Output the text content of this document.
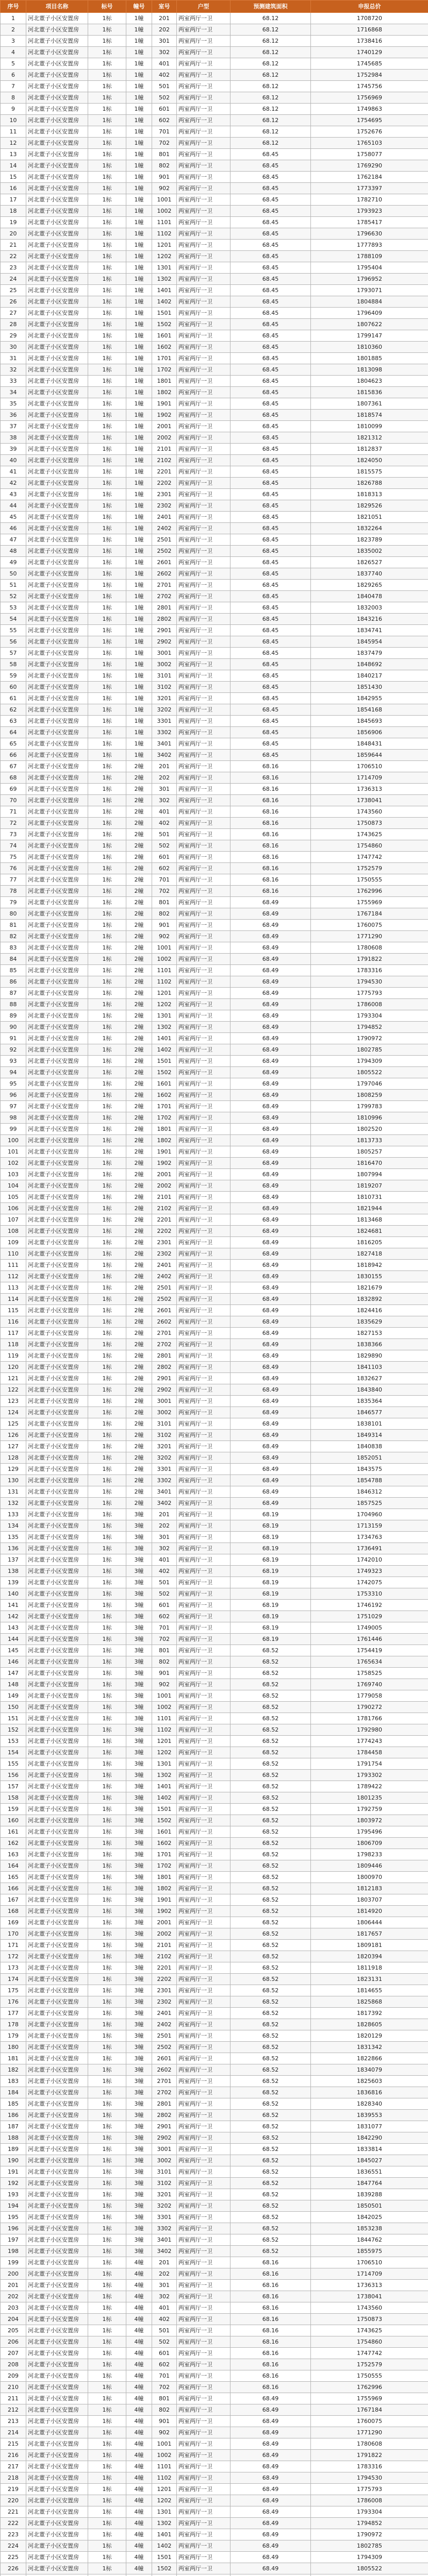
序号	项目名称	标号	幢号	室号	户型	预测建筑面积	申报总价
1	河北董子小区安置房	1标	1幢	201	两室两厅一卫	68.12	1708720
2	河北董子小区安置房	1标	1幢	202	两室两厅一卫	68.12	1716868
3	河北董子小区安置房	1标	1幢	301	两室两厅一卫	68.12	1738416
4	河北董子小区安置房	1标	1幢	302	两室两厅一卫	68.12	1740129
5	河北董子小区安置房	1标	1幢	401	两室两厅一卫	68.12	1745685
6	河北董子小区安置房	1标	1幢	402	两室两厅一卫	68.12	1752984
7	河北董子小区安置房	1标	1幢	501	两室两厅一卫	68.12	1745756
8	河北董子小区安置房	1标	1幢	502	两室两厅一卫	68.12	1756969
9	河北董子小区安置房	1标	1幢	601	两室两厅一卫	68.12	1749863
10	河北董子小区安置房	1标	1幢	602	两室两厅一卫	68.12	1754695
11	河北董子小区安置房	1标	1幢	701	两室两厅一卫	68.12	1752676
12	河北董子小区安置房	1标	1幢	702	两室两厅一卫	68.12	1765103
13	河北董子小区安置房	1标	1幢	801	两室两厅一卫	68.45	1758077
14	河北董子小区安置房	1标	1幢	802	两室两厅一卫	68.45	1769290
15	河北董子小区安置房	1标	1幢	901	两室两厅一卫	68.45	1762184
16	河北董子小区安置房	1标	1幢	902	两室两厅一卫	68.45	1773397
17	河北董子小区安置房	1标	1幢	1001	两室两厅一卫	68.45	1782710
18	河北董子小区安置房	1标	1幢	1002	两室两厅一卫	68.45	1793923
19	河北董子小区安置房	1标	1幢	1101	两室两厅一卫	68.45	1785417
20	河北董子小区安置房	1标	1幢	1102	两室两厅一卫	68.45	1796630
21	河北董子小区安置房	1标	1幢	1201	两室两厅一卫	68.45	1777893
22	河北董子小区安置房	1标	1幢	1202	两室两厅一卫	68.45	1788109
23	河北董子小区安置房	1标	1幢	1301	两室两厅一卫	68.45	1795404
24	河北董子小区安置房	1标	1幢	1302	两室两厅一卫	68.45	1796952
25	河北董子小区安置房	1标	1幢	1401	两室两厅一卫	68.45	1793071
26	河北董子小区安置房	1标	1幢	1402	两室两厅一卫	68.45	1804884
27	河北董子小区安置房	1标	1幢	1501	两室两厅一卫	68.45	1796409
28	河北董子小区安置房	1标	1幢	1502	两室两厅一卫	68.45	1807622
29	河北董子小区安置房	1标	1幢	1601	两室两厅一卫	68.45	1799147
30	河北董子小区安置房	1标	1幢	1602	两室两厅一卫	68.45	1810360
31	河北董子小区安置房	1标	1幢	1701	两室两厅一卫	68.45	1801885
32	河北董子小区安置房	1标	1幢	1702	两室两厅一卫	68.45	1813098
33	河北董子小区安置房	1标	1幢	1801	两室两厅一卫	68.45	1804623
34	河北董子小区安置房	1标	1幢	1802	两室两厅一卫	68.45	1815836
35	河北董子小区安置房	1标	1幢	1901	两室两厅一卫	68.45	1807361
36	河北董子小区安置房	1标	1幢	1902	两室两厅一卫	68.45	1818574
37	河北董子小区安置房	1标	1幢	2001	两室两厅一卫	68.45	1810099
38	河北董子小区安置房	1标	1幢	2002	两室两厅一卫	68.45	1821312
39	河北董子小区安置房	1标	1幢	2101	两室两厅一卫	68.45	1812837
40	河北董子小区安置房	1标	1幢	2102	两室两厅一卫	68.45	1824050
41	河北董子小区安置房	1标	1幢	2201	两室两厅一卫	68.45	1815575
42	河北董子小区安置房	1标	1幢	2202	两室两厅一卫	68.45	1826788
43	河北董子小区安置房	1标	1幢	2301	两室两厅一卫	68.45	1818313
44	河北董子小区安置房	1标	1幢	2302	两室两厅一卫	68.45	1829526
45	河北董子小区安置房	1标	1幢	2401	两室两厅一卫	68.45	1821051
46	河北董子小区安置房	1标	1幢	2402	两室两厅一卫	68.45	1832264
47	河北董子小区安置房	1标	1幢	2501	两室两厅一卫	68.45	1823789
48	河北董子小区安置房	1标	1幢	2502	两室两厅一卫	68.45	1835002
49	河北董子小区安置房	1标	1幢	2601	两室两厅一卫	68.45	1826527
50	河北董子小区安置房	1标	1幢	2602	两室两厅一卫	68.45	1837740
51	河北董子小区安置房	1标	1幢	2701	两室两厅一卫	68.45	1829265
52	河北董子小区安置房	1标	1幢	2702	两室两厅一卫	68.45	1840478
53	河北董子小区安置房	1标	1幢	2801	两室两厅一卫	68.45	1832003
54	河北董子小区安置房	1标	1幢	2802	两室两厅一卫	68.45	1843216
55	河北董子小区安置房	1标	1幢	2901	两室两厅一卫	68.45	1834741
56	河北董子小区安置房	1标	1幢	2902	两室两厅一卫	68.45	1845954
57	河北董子小区安置房	1标	1幢	3001	两室两厅一卫	68.45	1837479
58	河北董子小区安置房	1标	1幢	3002	两室两厅一卫	68.45	1848692
59	河北董子小区安置房	1标	1幢	3101	两室两厅一卫	68.45	1840217
60	河北董子小区安置房	1标	1幢	3102	两室两厅一卫	68.45	1851430
61	河北董子小区安置房	1标	1幢	3201	两室两厅一卫	68.45	1842955
62	河北董子小区安置房	1标	1幢	3202	两室两厅一卫	68.45	1854168
63	河北董子小区安置房	1标	1幢	3301	两室两厅一卫	68.45	1845693
64	河北董子小区安置房	1标	1幢	3302	两室两厅一卫	68.45	1856906
65	河北董子小区安置房	1标	1幢	3401	两室两厅一卫	68.45	1848431
66	河北董子小区安置房	1标	1幢	3402	两室两厅一卫	68.45	1859644
67	河北董子小区安置房	1标	2幢	201	两室两厅一卫	68.16	1706510
68	河北董子小区安置房	1标	2幢	202	两室两厅一卫	68.16	1714709
69	河北董子小区安置房	1标	2幢	301	两室两厅一卫	68.16	1736313
70	河北董子小区安置房	1标	2幢	302	两室两厅一卫	68.16	1738041
71	河北董子小区安置房	1标	2幢	401	两室两厅一卫	68.16	1743560
72	河北董子小区安置房	1标	2幢	402	两室两厅一卫	68.16	1750873
73	河北董子小区安置房	1标	2幢	501	两室两厅一卫	68.16	1743625
74	河北董子小区安置房	1标	2幢	502	两室两厅一卫	68.16	1754860
75	河北董子小区安置房	1标	2幢	601	两室两厅一卫	68.16	1747742
76	河北董子小区安置房	1标	2幢	602	两室两厅一卫	68.16	1752579
77	河北董子小区安置房	1标	2幢	701	两室两厅一卫	68.16	1750555
78	河北董子小区安置房	1标	2幢	702	两室两厅一卫	68.16	1762996
79	河北董子小区安置房	1标	2幢	801	两室两厅一卫	68.49	1755969
80	河北董子小区安置房	1标	2幢	802	两室两厅一卫	68.49	1767184
81	河北董子小区安置房	1标	2幢	901	两室两厅一卫	68.49	1760075
82	河北董子小区安置房	1标	2幢	902	两室两厅一卫	68.49	1771290
83	河北董子小区安置房	1标	2幢	1001	两室两厅一卫	68.49	1780608
84	河北董子小区安置房	1标	2幢	1002	两室两厅一卫	68.49	1791822
85	河北董子小区安置房	1标	2幢	1101	两室两厅一卫	68.49	1783316
86	河北董子小区安置房	1标	2幢	1102	两室两厅一卫	68.49	1794530
87	河北董子小区安置房	1标	2幢	1201	两室两厅一卫	68.49	1775793
88	河北董子小区安置房	1标	2幢	1202	两室两厅一卫	68.49	1786008
89	河北董子小区安置房	1标	2幢	1301	两室两厅一卫	68.49	1793304
90	河北董子小区安置房	1标	2幢	1302	两室两厅一卫	68.49	1794852
91	河北董子小区安置房	1标	2幢	1401	两室两厅一卫	68.49	1790972
92	河北董子小区安置房	1标	2幢	1402	两室两厅一卫	68.49	1802785
93	河北董子小区安置房	1标	2幢	1501	两室两厅一卫	68.49	1794309
94	河北董子小区安置房	1标	2幢	1502	两室两厅一卫	68.49	1805522
95	河北董子小区安置房	1标	2幢	1601	两室两厅一卫	68.49	1797046
96	河北董子小区安置房	1标	2幢	1602	两室两厅一卫	68.49	1808259
97	河北董子小区安置房	1标	2幢	1701	两室两厅一卫	68.49	1799783
98	河北董子小区安置房	1标	2幢	1702	两室两厅一卫	68.49	1810996
99	河北董子小区安置房	1标	2幢	1801	两室两厅一卫	68.49	1802520
100	河北董子小区安置房	1标	2幢	1802	两室两厅一卫	68.49	1813733
101	河北董子小区安置房	1标	2幢	1901	两室两厅一卫	68.49	1805257
102	河北董子小区安置房	1标	2幢	1902	两室两厅一卫	68.49	1816470
103	河北董子小区安置房	1标	2幢	2001	两室两厅一卫	68.49	1807994
104	河北董子小区安置房	1标	2幢	2002	两室两厅一卫	68.49	1819207
105	河北董子小区安置房	1标	2幢	2101	两室两厅一卫	68.49	1810731
106	河北董子小区安置房	1标	2幢	2102	两室两厅一卫	68.49	1821944
107	河北董子小区安置房	1标	2幢	2201	两室两厅一卫	68.49	1813468
108	河北董子小区安置房	1标	2幢	2202	两室两厅一卫	68.49	1824681
109	河北董子小区安置房	1标	2幢	2301	两室两厅一卫	68.49	1816205
110	河北董子小区安置房	1标	2幢	2302	两室两厅一卫	68.49	1827418
111	河北董子小区安置房	1标	2幢	2401	两室两厅一卫	68.49	1818942
112	河北董子小区安置房	1标	2幢	2402	两室两厅一卫	68.49	1830155
113	河北董子小区安置房	1标	2幢	2501	两室两厅一卫	68.49	1821679
114	河北董子小区安置房	1标	2幢	2502	两室两厅一卫	68.49	1832892
115	河北董子小区安置房	1标	2幢	2601	两室两厅一卫	68.49	1824416
116	河北董子小区安置房	1标	2幢	2602	两室两厅一卫	68.49	1835629
117	河北董子小区安置房	1标	2幢	2701	两室两厅一卫	68.49	1827153
118	河北董子小区安置房	1标	2幢	2702	两室两厅一卫	68.49	1838366
119	河北董子小区安置房	1标	2幢	2801	两室两厅一卫	68.49	1829890
120	河北董子小区安置房	1标	2幢	2802	两室两厅一卫	68.49	1841103
121	河北董子小区安置房	1标	2幢	2901	两室两厅一卫	68.49	1832627
122	河北董子小区安置房	1标	2幢	2902	两室两厅一卫	68.49	1843840
123	河北董子小区安置房	1标	2幢	3001	两室两厅一卫	68.49	1835364
124	河北董子小区安置房	1标	2幢	3002	两室两厅一卫	68.49	1846577
125	河北董子小区安置房	1标	2幢	3101	两室两厅一卫	68.49	1838101
126	河北董子小区安置房	1标	2幢	3102	两室两厅一卫	68.49	1849314
127	河北董子小区安置房	1标	2幢	3201	两室两厅一卫	68.49	1840838
128	河北董子小区安置房	1标	2幢	3202	两室两厅一卫	68.49	1852051
129	河北董子小区安置房	1标	2幢	3301	两室两厅一卫	68.49	1843575
130	河北董子小区安置房	1标	2幢	3302	两室两厅一卫	68.49	1854788
131	河北董子小区安置房	1标	2幢	3401	两室两厅一卫	68.49	1846312
132	河北董子小区安置房	1标	2幢	3402	两室两厅一卫	68.49	1857525
133	河北董子小区安置房	1标	3幢	201	两室两厅一卫	68.19	1704960
134	河北董子小区安置房	1标	3幢	202	两室两厅一卫	68.19	1713159
135	河北董子小区安置房	1标	3幢	301	两室两厅一卫	68.19	1734763
136	河北董子小区安置房	1标	3幢	302	两室两厅一卫	68.19	1736491
137	河北董子小区安置房	1标	3幢	401	两室两厅一卫	68.19	1742010
138	河北董子小区安置房	1标	3幢	402	两室两厅一卫	68.19	1749323
139	河北董子小区安置房	1标	3幢	501	两室两厅一卫	68.19	1742075
140	河北董子小区安置房	1标	3幢	502	两室两厅一卫	68.19	1753310
141	河北董子小区安置房	1标	3幢	601	两室两厅一卫	68.19	1746192
142	河北董子小区安置房	1标	3幢	602	两室两厅一卫	68.19	1751029
143	河北董子小区安置房	1标	3幢	701	两室两厅一卫	68.19	1749005
144	河北董子小区安置房	1标	3幢	702	两室两厅一卫	68.19	1761446
145	河北董子小区安置房	1标	3幢	801	两室两厅一卫	68.52	1754419
146	河北董子小区安置房	1标	3幢	802	两室两厅一卫	68.52	1765634
147	河北董子小区安置房	1标	3幢	901	两室两厅一卫	68.52	1758525
148	河北董子小区安置房	1标	3幢	902	两室两厅一卫	68.52	1769740
149	河北董子小区安置房	1标	3幢	1001	两室两厅一卫	68.52	1779058
150	河北董子小区安置房	1标	3幢	1002	两室两厅一卫	68.52	1790272
151	河北董子小区安置房	1标	3幢	1101	两室两厅一卫	68.52	1781766
152	河北董子小区安置房	1标	3幢	1102	两室两厅一卫	68.52	1792980
153	河北董子小区安置房	1标	3幢	1201	两室两厅一卫	68.52	1774243
154	河北董子小区安置房	1标	3幢	1202	两室两厅一卫	68.52	1784458
155	河北董子小区安置房	1标	3幢	1301	两室两厅一卫	68.52	1791754
156	河北董子小区安置房	1标	3幢	1302	两室两厅一卫	68.52	1793302
157	河北董子小区安置房	1标	3幢	1401	两室两厅一卫	68.52	1789422
158	河北董子小区安置房	1标	3幢	1402	两室两厅一卫	68.52	1801235
159	河北董子小区安置房	1标	3幢	1501	两室两厅一卫	68.52	1792759
160	河北董子小区安置房	1标	3幢	1502	两室两厅一卫	68.52	1803972
161	河北董子小区安置房	1标	3幢	1601	两室两厅一卫	68.52	1795496
162	河北董子小区安置房	1标	3幢	1602	两室两厅一卫	68.52	1806709
163	河北董子小区安置房	1标	3幢	1701	两室两厅一卫	68.52	1798233
164	河北董子小区安置房	1标	3幢	1702	两室两厅一卫	68.52	1809446
165	河北董子小区安置房	1标	3幢	1801	两室两厅一卫	68.52	1800970
166	河北董子小区安置房	1标	3幢	1802	两室两厅一卫	68.52	1812183
167	河北董子小区安置房	1标	3幢	1901	两室两厅一卫	68.52	1803707
168	河北董子小区安置房	1标	3幢	1902	两室两厅一卫	68.52	1814920
169	河北董子小区安置房	1标	3幢	2001	两室两厅一卫	68.52	1806444
170	河北董子小区安置房	1标	3幢	2002	两室两厅一卫	68.52	1817657
171	河北董子小区安置房	1标	3幢	2101	两室两厅一卫	68.52	1809181
172	河北董子小区安置房	1标	3幢	2102	两室两厅一卫	68.52	1820394
173	河北董子小区安置房	1标	3幢	2201	两室两厅一卫	68.52	1811918
174	河北董子小区安置房	1标	3幢	2202	两室两厅一卫	68.52	1823131
175	河北董子小区安置房	1标	3幢	2301	两室两厅一卫	68.52	1814655
176	河北董子小区安置房	1标	3幢	2302	两室两厅一卫	68.52	1825868
177	河北董子小区安置房	1标	3幢	2401	两室两厅一卫	68.52	1817392
178	河北董子小区安置房	1标	3幢	2402	两室两厅一卫	68.52	1828605
179	河北董子小区安置房	1标	3幢	2501	两室两厅一卫	68.52	1820129
180	河北董子小区安置房	1标	3幢	2502	两室两厅一卫	68.52	1831342
181	河北董子小区安置房	1标	3幢	2601	两室两厅一卫	68.52	1822866
182	河北董子小区安置房	1标	3幢	2602	两室两厅一卫	68.52	1834079
183	河北董子小区安置房	1标	3幢	2701	两室两厅一卫	68.52	1825603
184	河北董子小区安置房	1标	3幢	2702	两室两厅一卫	68.52	1836816
185	河北董子小区安置房	1标	3幢	2801	两室两厅一卫	68.52	1828340
186	河北董子小区安置房	1标	3幢	2802	两室两厅一卫	68.52	1839553
187	河北董子小区安置房	1标	3幢	2901	两室两厅一卫	68.52	1831077
188	河北董子小区安置房	1标	3幢	2902	两室两厅一卫	68.52	1842290
189	河北董子小区安置房	1标	3幢	3001	两室两厅一卫	68.52	1833814
190	河北董子小区安置房	1标	3幢	3002	两室两厅一卫	68.52	1845027
191	河北董子小区安置房	1标	3幢	3101	两室两厅一卫	68.52	1836551
192	河北董子小区安置房	1标	3幢	3102	两室两厅一卫	68.52	1847764
193	河北董子小区安置房	1标	3幢	3201	两室两厅一卫	68.52	1839288
194	河北董子小区安置房	1标	3幢	3202	两室两厅一卫	68.52	1850501
195	河北董子小区安置房	1标	3幢	3301	两室两厅一卫	68.52	1842025
196	河北董子小区安置房	1标	3幢	3302	两室两厅一卫	68.52	1853238
197	河北董子小区安置房	1标	3幢	3401	两室两厅一卫	68.52	1844762
198	河北董子小区安置房	1标	3幢	3402	两室两厅一卫	68.52	1855975
199	河北董子小区安置房	1标	4幢	201	两室两厅一卫	68.16	1706510
200	河北董子小区安置房	1标	4幢	202	两室两厅一卫	68.16	1714709
201	河北董子小区安置房	1标	4幢	301	两室两厅一卫	68.16	1736313
202	河北董子小区安置房	1标	4幢	302	两室两厅一卫	68.16	1738041
203	河北董子小区安置房	1标	4幢	401	两室两厅一卫	68.16	1743560
204	河北董子小区安置房	1标	4幢	402	两室两厅一卫	68.16	1750873
205	河北董子小区安置房	1标	4幢	501	两室两厅一卫	68.16	1743625
206	河北董子小区安置房	1标	4幢	502	两室两厅一卫	68.16	1754860
207	河北董子小区安置房	1标	4幢	601	两室两厅一卫	68.16	1747742
208	河北董子小区安置房	1标	4幢	602	两室两厅一卫	68.16	1752579
209	河北董子小区安置房	1标	4幢	701	两室两厅一卫	68.16	1750555
210	河北董子小区安置房	1标	4幢	702	两室两厅一卫	68.16	1762996
211	河北董子小区安置房	1标	4幢	801	两室两厅一卫	68.49	1755969
212	河北董子小区安置房	1标	4幢	802	两室两厅一卫	68.49	1767184
213	河北董子小区安置房	1标	4幢	901	两室两厅一卫	68.49	1760075
214	河北董子小区安置房	1标	4幢	902	两室两厅一卫	68.49	1771290
215	河北董子小区安置房	1标	4幢	1001	两室两厅一卫	68.49	1780608
216	河北董子小区安置房	1标	4幢	1002	两室两厅一卫	68.49	1791822
217	河北董子小区安置房	1标	4幢	1101	两室两厅一卫	68.49	1783316
218	河北董子小区安置房	1标	4幢	1102	两室两厅一卫	68.49	1794530
219	河北董子小区安置房	1标	4幢	1201	两室两厅一卫	68.49	1775793
220	河北董子小区安置房	1标	4幢	1202	两室两厅一卫	68.49	1786008
221	河北董子小区安置房	1标	4幢	1301	两室两厅一卫	68.49	1793304
222	河北董子小区安置房	1标	4幢	1302	两室两厅一卫	68.49	1794852
223	河北董子小区安置房	1标	4幢	1401	两室两厅一卫	68.49	1790972
224	河北董子小区安置房	1标	4幢	1402	两室两厅一卫	68.49	1802785
225	河北董子小区安置房	1标	4幢	1501	两室两厅一卫	68.49	1794309
226	河北董子小区安置房	1标	4幢	1502	两室两厅一卫	68.49	1805522
